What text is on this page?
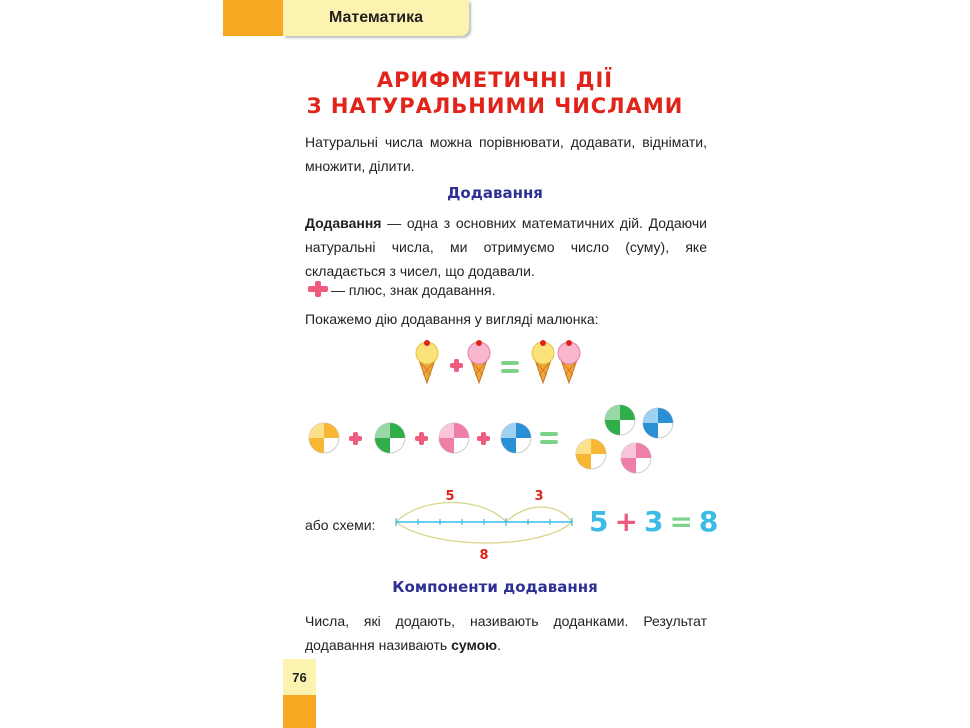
Математика
АРИФМЕТИЧНІ ДІЇ
З НАТУРАЛЬНИМИ ЧИСЛАМИ
Натуральні числа можна порівнювати, додавати, віднімати, множити, ділити.
Додавання
Додавання — одна з основних математичних дій. Додаючи натуральні числа, ми отримуємо число (суму), яке складається з чисел, що додавали.
— плюс, знак додавання.
Покажемо дію додавання у вигляді малюнка:
або схеми:
5	3
8
5 + 3 = 8
Компоненти додавання
Числа, які додають, називають доданками. Результат додавання називають сумою.
76
